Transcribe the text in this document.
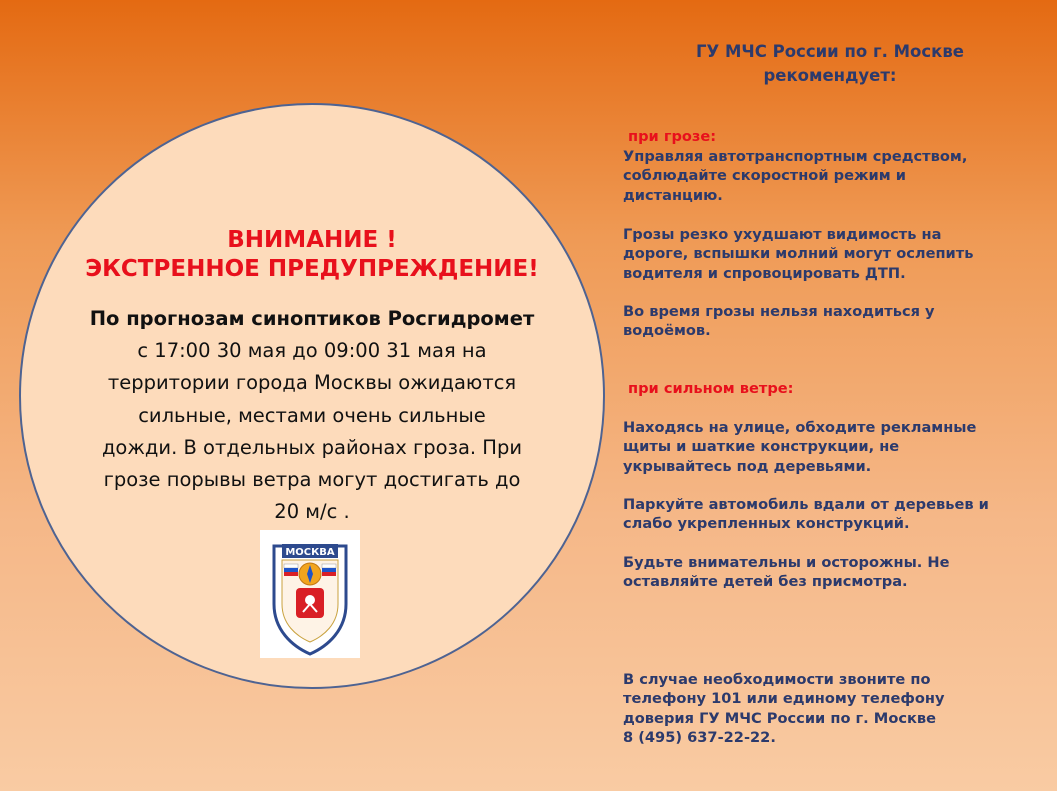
ВНИМАНИЕ !
ЭКСТРЕННОЕ ПРЕДУПРЕЖДЕНИЕ!
По прогнозам синоптиков Росгидромет
с 17:00 30 мая до 09:00 31 мая на
территории города Москвы ожидаются
сильные, местами очень сильные
дожди. В отдельных районах гроза. При
грозе порывы ветра могут достигать до
20 м/с .
МОСКВА
ГУ МЧС России по г. Москве
рекомендует:
при грозе:
Управляя автотранспортным средством,
соблюдайте скоростной режим и
дистанцию.
Грозы резко ухудшают видимость на
дороге, вспышки молний могут ослепить
водителя и спровоцировать ДТП.
Во время грозы нельзя находиться у
водоёмов.
при сильном ветре:
Находясь на улице, обходите рекламные
щиты и шаткие конструкции, не
укрывайтесь под деревьями.
Паркуйте автомобиль вдали от деревьев и
слабо укрепленных конструкций.
Будьте внимательны и осторожны. Не
оставляйте детей без присмотра.
В случае необходимости звоните по
телефону 101 или единому телефону
доверия ГУ МЧС России по г. Москве
8 (495) 637-22-22.
